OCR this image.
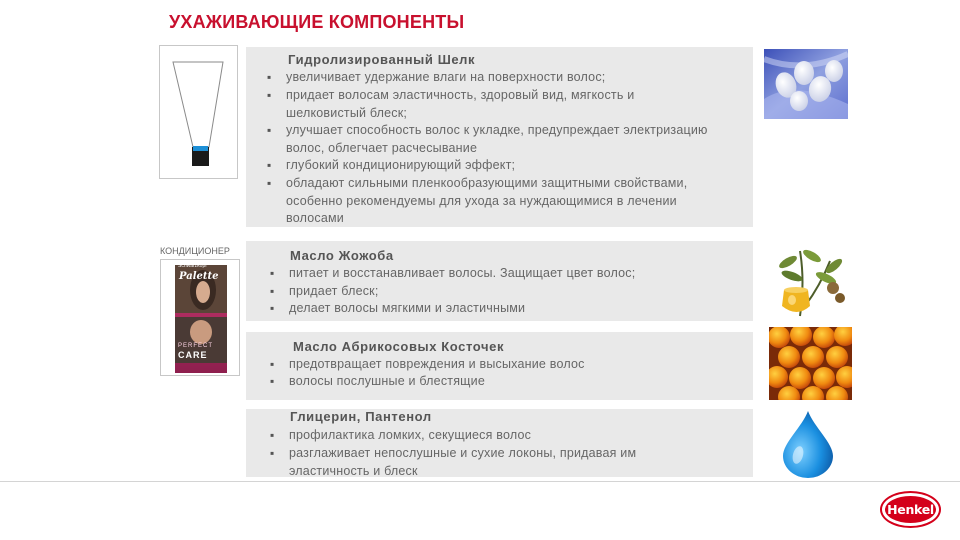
УХАЖИВАЮЩИЕ КОМПОНЕНТЫ
КОНДИЦИОНЕР
Schwarzkopf
Palette
PERFECT
CARE
Гидролизированный Шелк
▪ увеличивает удержание влаги на поверхности волос;
▪ придает волосам эластичность, здоровый вид, мягкость и
шелковистый блеск;
▪ улучшает способность волос к укладке, предупреждает электризацию
волос, облегчает расчесывание
▪ глубокий кондиционирующий эффект;
▪ обладают сильными пленкообразующими защитными свойствами,
особенно рекомендуемы для ухода за нуждающимися в лечении
волосами
Масло Жожоба
▪ питает и восстанавливает волосы. Защищает цвет волос;
▪ придает блеск;
▪ делает волосы мягкими и эластичными
Масло Абрикосовых Косточек
▪ предотвращает повреждения и высыхание волос
▪ волосы послушные и блестящие
Глицерин, Пантенол
▪ профилактика ломких, секущиеся волос
▪ разглаживает непослушные и сухие локоны, придавая им
эластичность и блеск
Henkel
